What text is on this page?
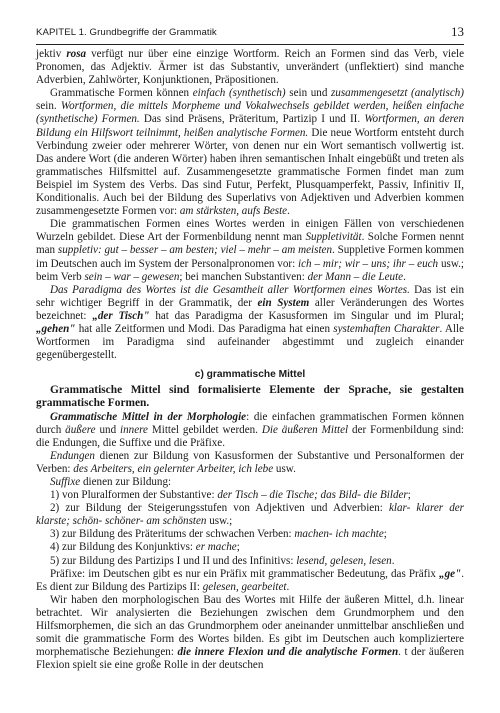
KAPITEL 1. Grundbegriffe der Grammatik	13

jektiv rosa verfügt nur über eine einzige Wortform. Reich an Formen sind das Verb, viele Pronomen, das Adjektiv. Ärmer ist das Substantiv, unverändert (unflektiert) sind manche Adverbien, Zahlwörter, Konjunktionen, Präpositionen.

Grammatische Formen können einfach (synthetisch) sein und zusammengesetzt (analytisch) sein. Wortformen, die mittels Morpheme und Vokalwechsels gebildet werden, heißen einfache (synthetische) Formen. Das sind Präsens, Präteritum, Partizip I und II. Wortformen, an deren Bildung ein Hilfswort teilnimmt, heißen analytische Formen. Die neue Wortform entsteht durch Verbindung zweier oder mehrerer Wörter, von denen nur ein Wort semantisch vollwertig ist. Das andere Wort (die anderen Wörter) haben ihren semantischen Inhalt eingebüßt und treten als grammatisches Hilfsmittel auf. Zusammengesetzte grammatische Formen findet man zum Beispiel im System des Verbs. Das sind Futur, Perfekt, Plusquamperfekt, Passiv, Infinitiv II, Konditionalis. Auch bei der Bildung des Superlativs von Adjektiven und Adverbien kommen zusammengesetzte Formen vor: am stärksten, aufs Beste.

Die grammatischen Formen eines Wortes werden in einigen Fällen von verschiedenen Wurzeln gebildet. Diese Art der Formenbildung nennt man Suppletivität. Solche Formen nennt man suppletiv: gut – besser – am besten; viel – mehr – am meisten. Suppletive Formen kommen im Deutschen auch im System der Personalpronomen vor: ich – mir; wir – uns; ihr – euch usw.; beim Verb sein – war – gewesen; bei manchen Substantiven: der Mann – die Leute.

Das Paradigma des Wortes ist die Gesamtheit aller Wortformen eines Wortes. Das ist ein sehr wichtiger Begriff in der Grammatik, der ein System aller Veränderungen des Wortes bezeichnet: „der Tisch" hat das Paradigma der Kasusformen im Singular und im Plural; „gehen" hat alle Zeitformen und Modi. Das Paradigma hat einen systemhaften Charakter. Alle Wortformen im Paradigma sind aufeinander abgestimmt und zugleich einander gegenübergestellt.

c) grammatische Mittel

Grammatische Mittel sind formalisierte Elemente der Sprache, sie gestalten grammatische Formen.

Grammatische Mittel in der Morphologie: die einfachen grammatischen Formen können durch äußere und innere Mittel gebildet werden. Die äußeren Mittel der Formenbildung sind: die Endungen, die Suffixe und die Präfixe.

Endungen dienen zur Bildung von Kasusformen der Substantive und Personalformen der Verben: des Arbeiters, ein gelernter Arbeiter, ich lebe usw.

Suffixe dienen zur Bildung:

1) von Pluralformen der Substantive: der Tisch – die Tische; das Bild- die Bilder;

2) zur Bildung der Steigerungsstufen von Adjektiven und Adverbien: klar- klarer der klarste; schön- schöner- am schönsten usw.;

3) zur Bildung des Präteritums der schwachen Verben: machen- ich machte;

4) zur Bildung des Konjunktivs: er mache;

5) zur Bildung des Partizips I und II und des Infinitivs: lesend, gelesen, lesen.

Präfixe: im Deutschen gibt es nur ein Präfix mit grammatischer Bedeutung, das Präfix „ge". Es dient zur Bildung des Partizips II: gelesen, gearbeitet.

Wir haben den morphologischen Bau des Wortes mit Hilfe der äußeren Mittel, d.h. linear betrachtet. Wir analysierten die Beziehungen zwischen dem Grundmorphem und den Hilfsmorphemen, die sich an das Grundmorphem oder aneinander unmittelbar anschließen und somit die grammatische Form des Wortes bilden. Es gibt im Deutschen auch kompliziertere morphematische Beziehungen: die innere Flexion und die analytische Formen. t der äußeren Flexion spielt sie eine große Rolle in der deutschen
